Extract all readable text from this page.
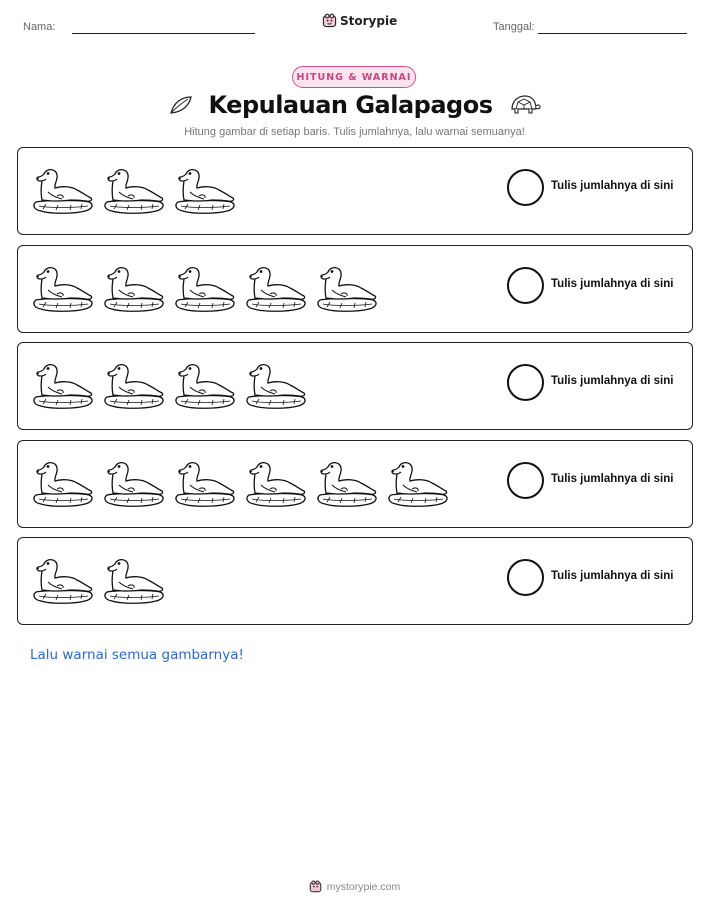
Nama:	Storypie	Tanggal:
HITUNG & WARNAI
Kepulauan Galapagos
Hitung gambar di setiap baris. Tulis jumlahnya, lalu warnai semuanya!
Tulis jumlahnya di sini
Tulis jumlahnya di sini
Tulis jumlahnya di sini
Tulis jumlahnya di sini
Tulis jumlahnya di sini
Lalu warnai semua gambarnya!
mystorypie.com
